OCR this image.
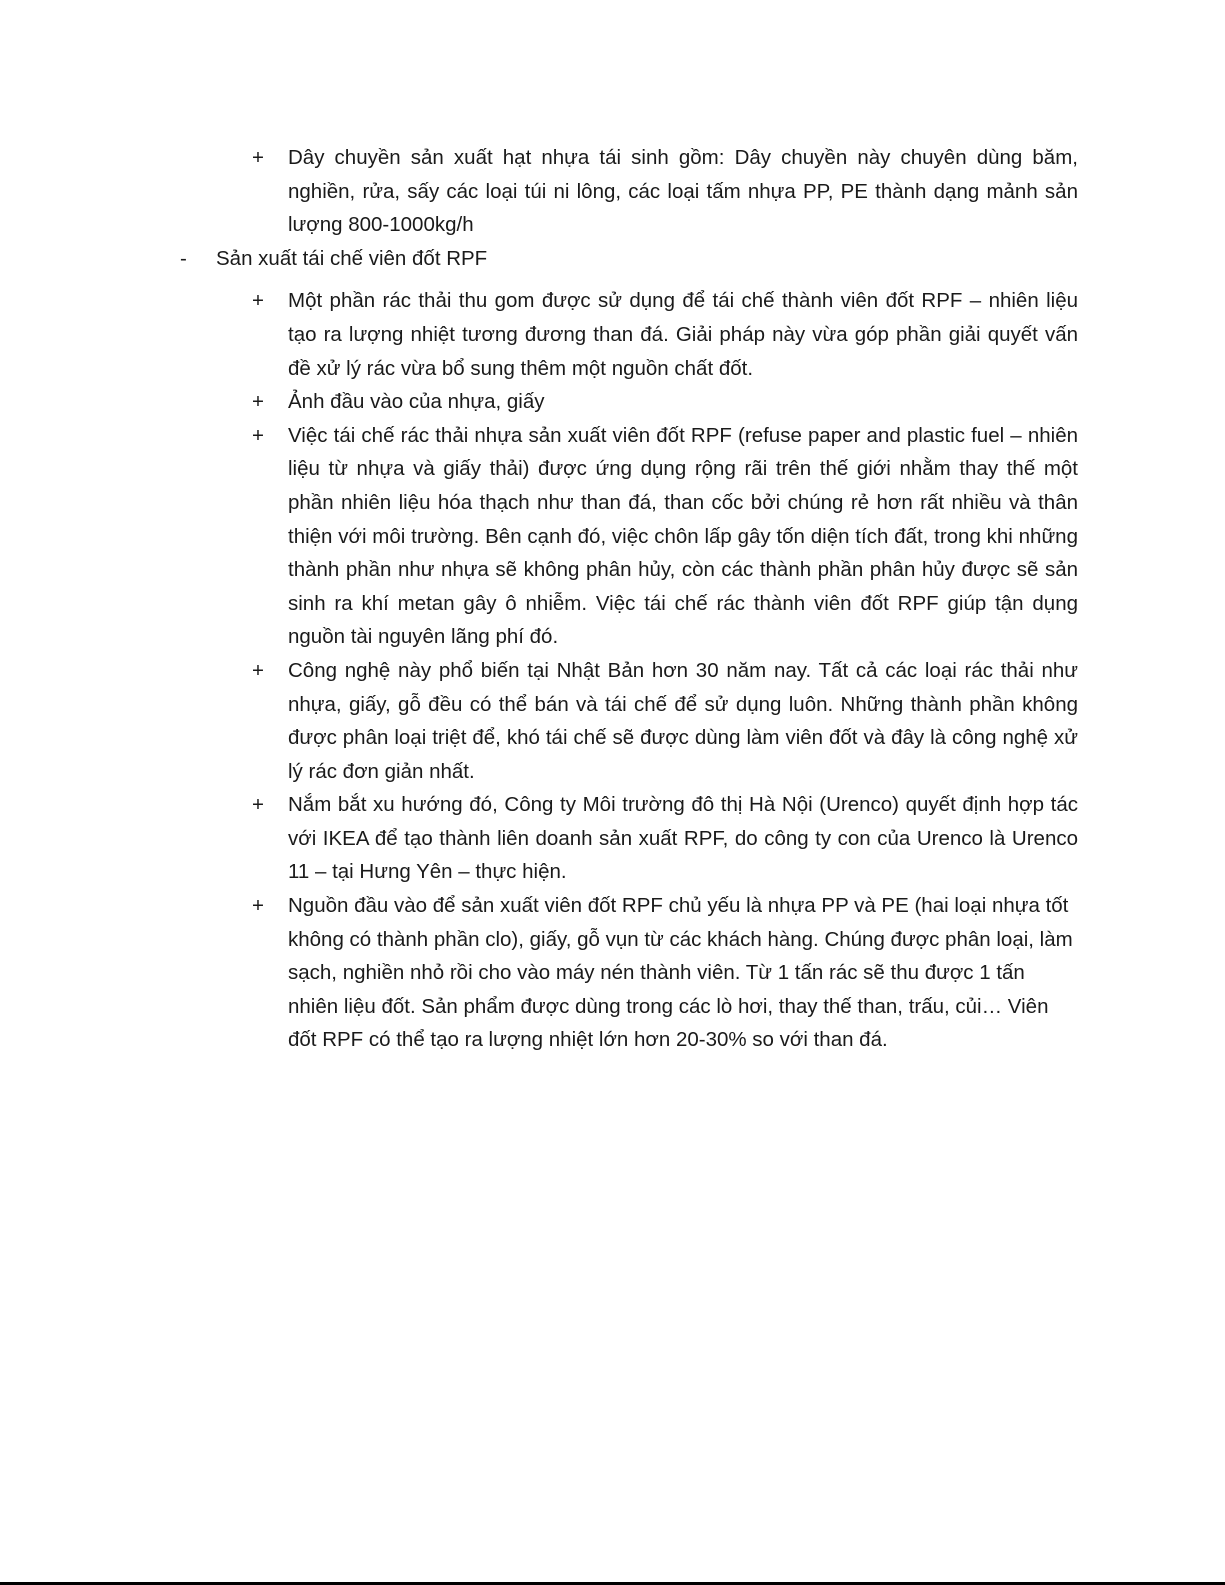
+	Dây chuyền sản xuất hạt nhựa tái sinh gồm: Dây chuyền này chuyên dùng băm, nghiền, rửa, sấy các loại túi ni lông, các loại tấm nhựa PP, PE thành dạng mảnh sản lượng 800-1000kg/h
-	Sản xuất tái chế viên đốt RPF
+	Một phần rác thải thu gom được sử dụng để tái chế thành viên đốt RPF – nhiên liệu tạo ra lượng nhiệt tương đương than đá. Giải pháp này vừa góp phần giải quyết vấn đề xử lý rác vừa bổ sung thêm một nguồn chất đốt.
+	Ảnh đầu vào của nhựa, giấy
+	Việc tái chế rác thải nhựa sản xuất viên đốt RPF (refuse paper and plastic fuel – nhiên liệu từ nhựa và giấy thải) được ứng dụng rộng rãi trên thế giới nhằm thay thế một phần nhiên liệu hóa thạch như than đá, than cốc bởi chúng rẻ hơn rất nhiều và thân thiện với môi trường. Bên cạnh đó, việc chôn lấp gây tốn diện tích đất, trong khi những thành phần như nhựa sẽ không phân hủy, còn các thành phần phân hủy được sẽ sản sinh ra khí metan gây ô nhiễm. Việc tái chế rác thành viên đốt RPF giúp tận dụng nguồn tài nguyên lãng phí đó.
+	Công nghệ này phổ biến tại Nhật Bản hơn 30 năm nay. Tất cả các loại rác thải như nhựa, giấy, gỗ đều có thể bán và tái chế để sử dụng luôn. Những thành phần không được phân loại triệt để, khó tái chế sẽ được dùng làm viên đốt và đây là công nghệ xử lý rác đơn giản nhất.
+	Nắm bắt xu hướng đó, Công ty Môi trường đô thị Hà Nội (Urenco) quyết định hợp tác với IKEA để tạo thành liên doanh sản xuất RPF, do công ty con của Urenco là Urenco 11 – tại Hưng Yên – thực hiện.
+	Nguồn đầu vào để sản xuất viên đốt RPF chủ yếu là nhựa PP và PE (hai loại nhựa tốt không có thành phần clo), giấy, gỗ vụn từ các khách hàng. Chúng được phân loại, làm sạch, nghiền nhỏ rồi cho vào máy nén thành viên. Từ 1 tấn rác sẽ thu được 1 tấn nhiên liệu đốt. Sản phẩm được dùng trong các lò hơi, thay thế than, trấu, củi… Viên đốt RPF có thể tạo ra lượng nhiệt lớn hơn 20-30% so với than đá.
